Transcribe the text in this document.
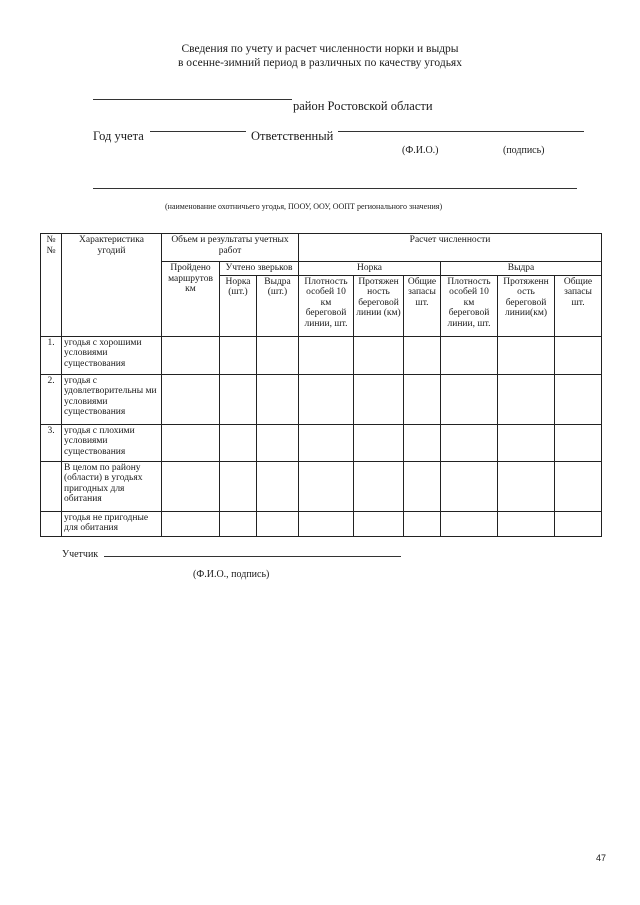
Сведения по учету и расчет численности норки и выдры
в осенне-зимний период в различных по качеству угодьях
район Ростовской области
Год учета	Ответственный
(Ф.И.О.)	(подпись)
(наименование охотничьего угодья, ПООУ, ООУ, ООПТ регионального значения)
№ №	Характеристика угодий	Объем и результаты учетных работ			Расчет численности					
		Пройдено маршрутов км	Учтено зверьков		Норка			Выдра		
			Норка (шт.)	Выдра (шт.)	Плотность особей 10 км береговой линии, шт.	Протяжен ность береговой линии (км)	Общие запасы шт.	Плотность особей 10 км береговой линии, шт.	Протяженн ость береговой линии(км)	Общие запасы шт.
1.	угодья с хорошими условиями существования									
2.	угодья с удовлетворительны ми условиями существования									
3.	угодья с плохими условиями существования									
	В целом по району (области) в угодьях пригодных для обитания									
	угодья не пригодные для обитания									
Учетчик
(Ф.И.О., подпись)
47
